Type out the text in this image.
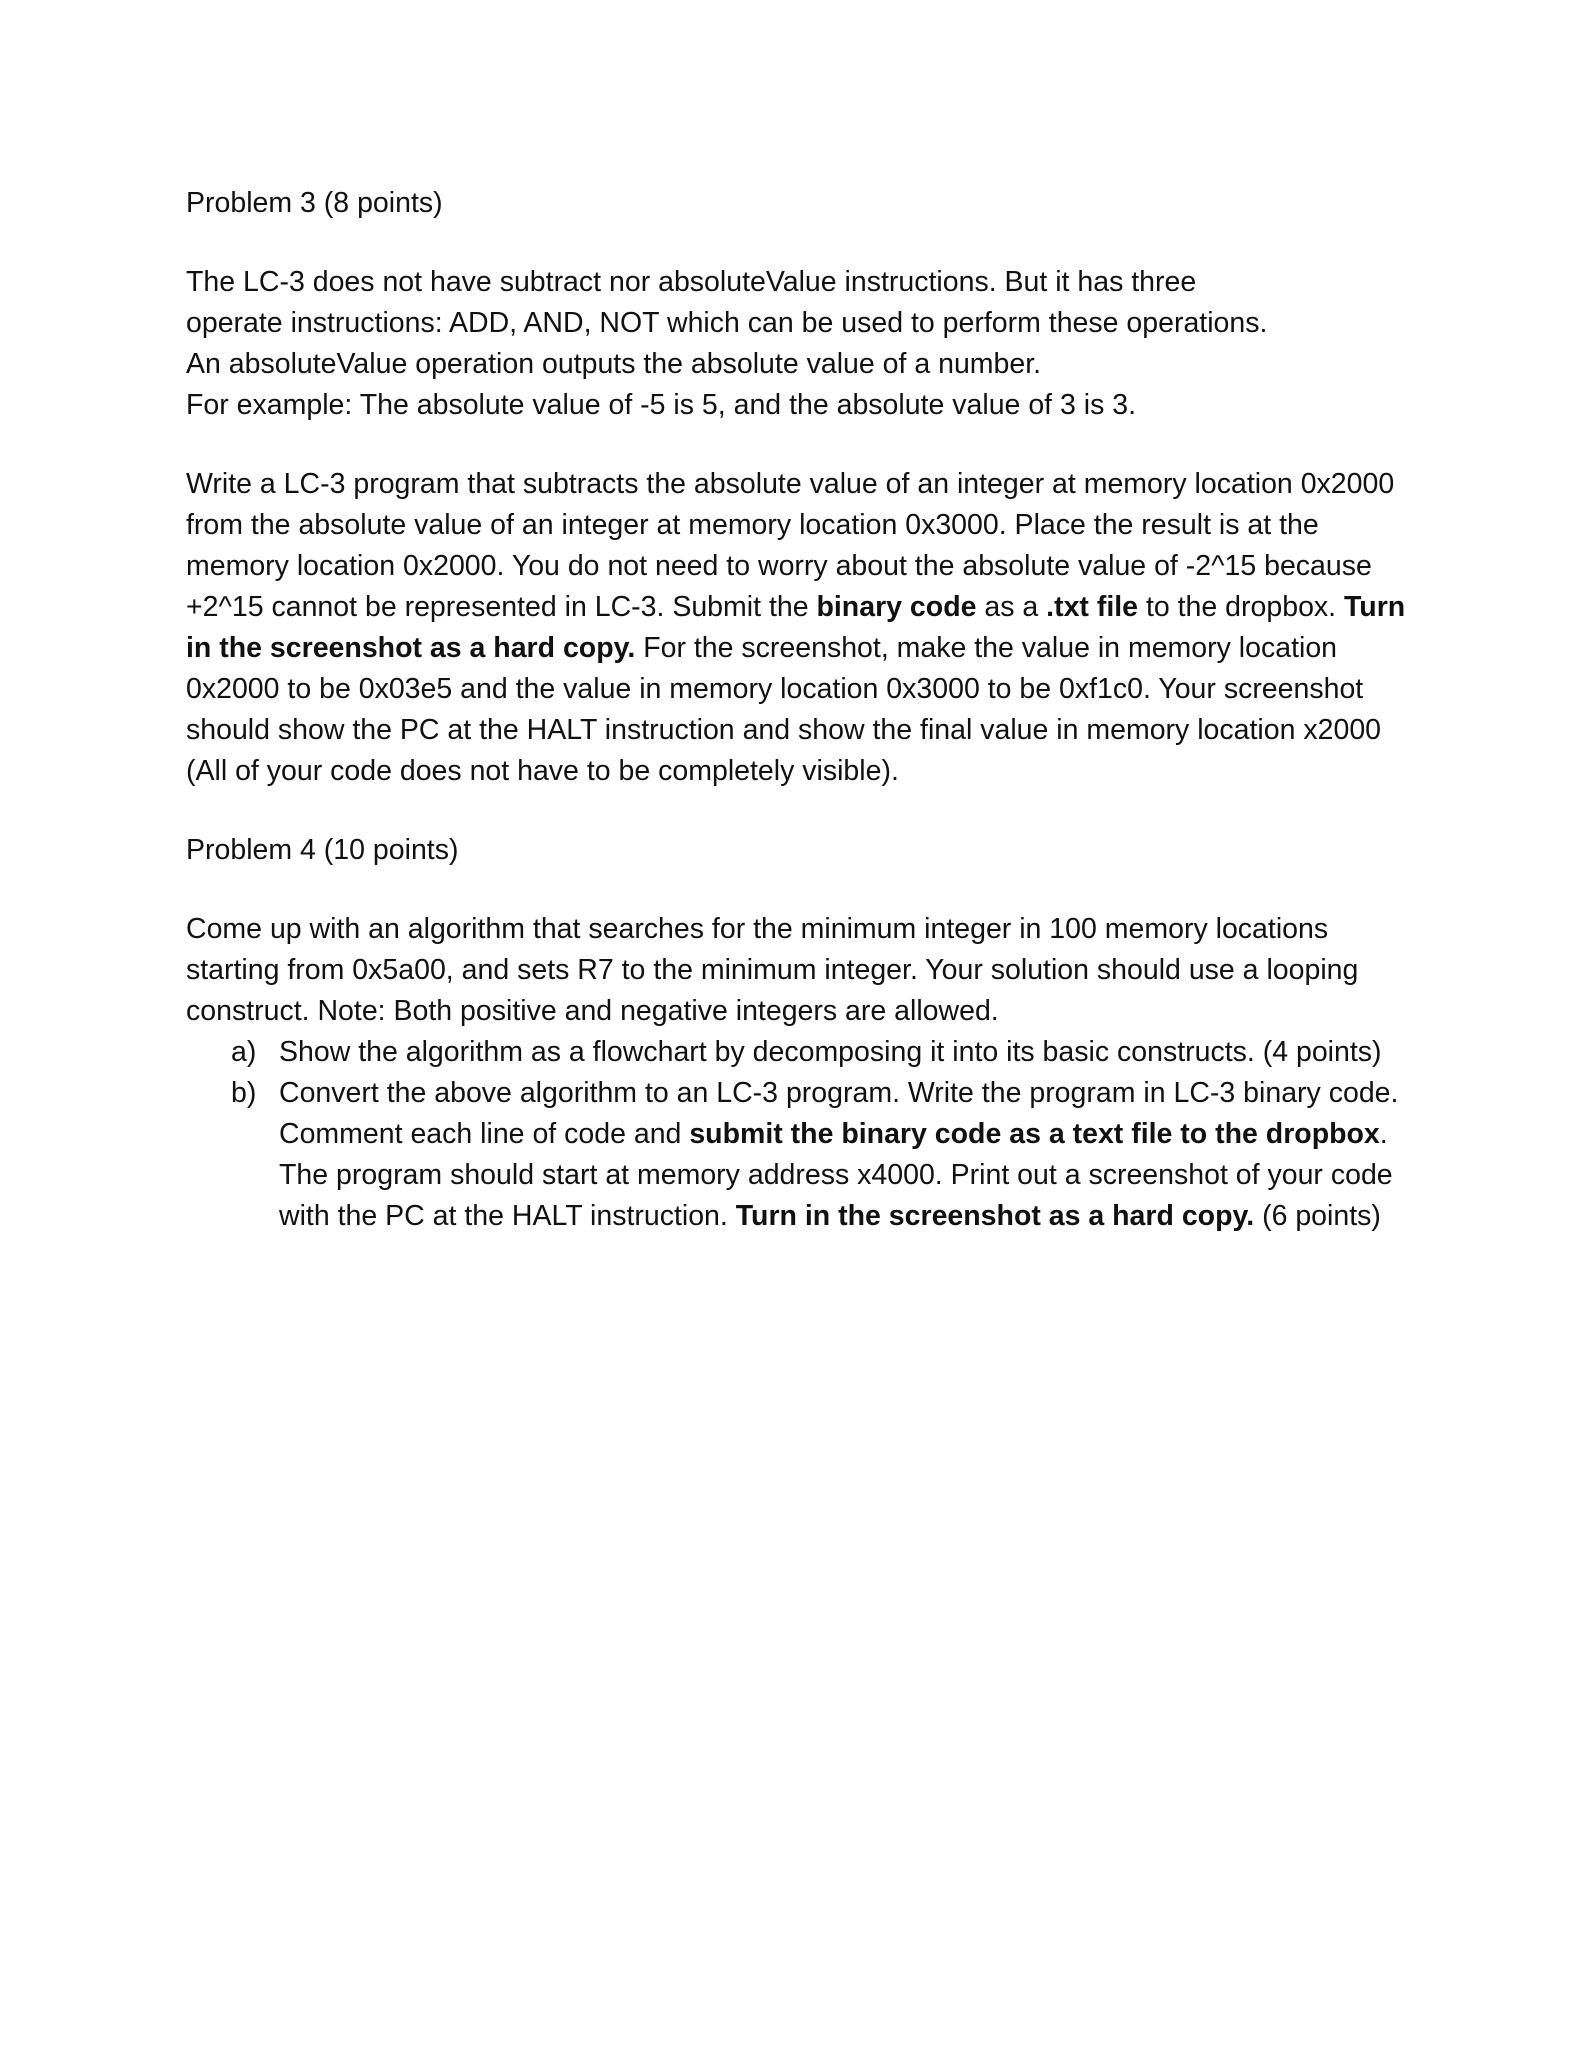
Problem 3 (8 points)

The LC-3 does not have subtract nor absoluteValue instructions. But it has three
operate instructions: ADD, AND, NOT which can be used to perform these operations.
An absoluteValue operation outputs the absolute value of a number.
For example: The absolute value of -5 is 5, and the absolute value of 3 is 3.

Write a LC-3 program that subtracts the absolute value of an integer at memory location 0x2000 from the absolute value of an integer at memory location 0x3000. Place the result is at the memory location 0x2000. You do not need to worry about the absolute value of -2^15 because +2^15 cannot be represented in LC-3. Submit the binary code as a .txt file to the dropbox. Turn in the screenshot as a hard copy. For the screenshot, make the value in memory location 0x2000 to be 0x03e5 and the value in memory location 0x3000 to be 0xf1c0. Your screenshot should show the PC at the HALT instruction and show the final value in memory location x2000 (All of your code does not have to be completely visible).

Problem 4 (10 points)

Come up with an algorithm that searches for the minimum integer in 100 memory locations starting from 0x5a00, and sets R7 to the minimum integer. Your solution should use a looping construct. Note: Both positive and negative integers are allowed.

a) Show the algorithm as a flowchart by decomposing it into its basic constructs. (4 points)
b) Convert the above algorithm to an LC-3 program. Write the program in LC-3 binary code. Comment each line of code and submit the binary code as a text file to the dropbox. The program should start at memory address x4000. Print out a screenshot of your code with the PC at the HALT instruction. Turn in the screenshot as a hard copy. (6 points)
